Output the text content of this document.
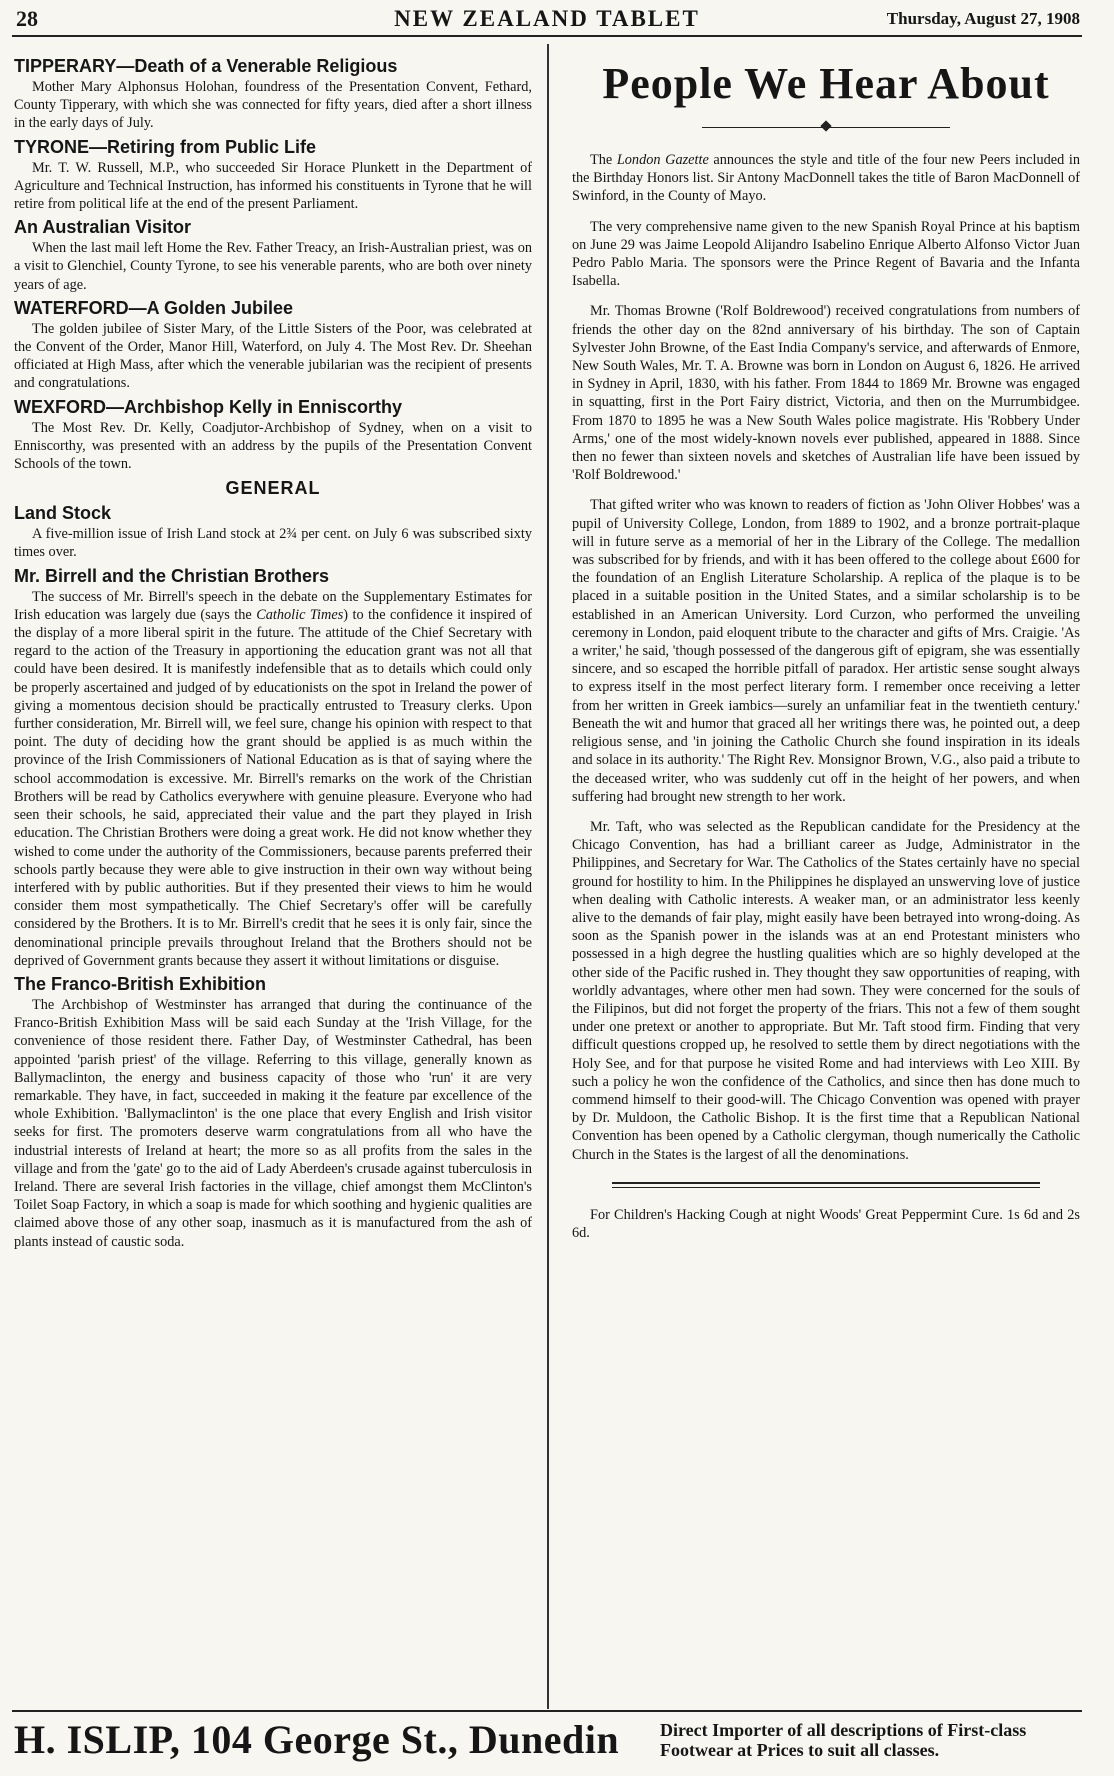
28	NEW ZEALAND TABLET	Thursday, August 27, 1908
TIPPERARY—Death of a Venerable Religious

Mother Mary Alphonsus Holohan, foundress of the Presentation Convent, Fethard, County Tipperary, with which she was connected for fifty years, died after a short illness in the early days of July.

TYRONE—Retiring from Public Life

Mr. T. W. Russell, M.P., who succeeded Sir Horace Plunkett in the Department of Agriculture and Technical Instruction, has informed his constituents in Tyrone that he will retire from political life at the end of the present Parliament.

An Australian Visitor

When the last mail left Home the Rev. Father Treacy, an Irish-Australian priest, was on a visit to Glenchiel, County Tyrone, to see his venerable parents, who are both over ninety years of age.

WATERFORD—A Golden Jubilee

The golden jubilee of Sister Mary, of the Little Sisters of the Poor, was celebrated at the Convent of the Order, Manor Hill, Waterford, on July 4. The Most Rev. Dr. Sheehan officiated at High Mass, after which the venerable jubilarian was the recipient of presents and congratulations.

WEXFORD—Archbishop Kelly in Enniscorthy

The Most Rev. Dr. Kelly, Coadjutor-Archbishop of Sydney, when on a visit to Enniscorthy, was presented with an address by the pupils of the Presentation Convent Schools of the town.

GENERAL
Land Stock

A five-million issue of Irish Land stock at 2¾ per cent. on July 6 was subscribed sixty times over.

Mr. Birrell and the Christian Brothers

The success of Mr. Birrell's speech in the debate on the Supplementary Estimates for Irish education was largely due (says the Catholic Times) to the confidence it inspired of the display of a more liberal spirit in the future. The attitude of the Chief Secretary with regard to the action of the Treasury in apportioning the education grant was not all that could have been desired. It is manifestly indefensible that as to details which could only be properly ascertained and judged of by educationists on the spot in Ireland the power of giving a momentous decision should be practically entrusted to Treasury clerks. Upon further consideration, Mr. Birrell will, we feel sure, change his opinion with respect to that point. The duty of deciding how the grant should be applied is as much within the province of the Irish Commissioners of National Education as is that of saying where the school accommodation is excessive. Mr. Birrell's remarks on the work of the Christian Brothers will be read by Catholics everywhere with genuine pleasure. Everyone who had seen their schools, he said, appreciated their value and the part they played in Irish education. The Christian Brothers were doing a great work. He did not know whether they wished to come under the authority of the Commissioners, because parents preferred their schools partly because they were able to give instruction in their own way without being interfered with by public authorities. But if they presented their views to him he would consider them most sympathetically. The Chief Secretary's offer will be carefully considered by the Brothers. It is to Mr. Birrell's credit that he sees it is only fair, since the denominational principle prevails throughout Ireland that the Brothers should not be deprived of Government grants because they assert it without limitations or disguise.

The Franco-British Exhibition

The Archbishop of Westminster has arranged that during the continuance of the Franco-British Exhibition Mass will be said each Sunday at the 'Irish Village, for the convenience of those resident there. Father Day, of Westminster Cathedral, has been appointed 'parish priest' of the village. Referring to this village, generally known as Ballymaclinton, the energy and business capacity of those who 'run' it are very remarkable. They have, in fact, succeeded in making it the feature par excellence of the whole Exhibition. 'Ballymaclinton' is the one place that every English and Irish visitor seeks for first. The promoters deserve warm congratulations from all who have the industrial interests of Ireland at heart; the more so as all profits from the sales in the village and from the 'gate' go to the aid of Lady Aberdeen's crusade against tuberculosis in Ireland. There are several Irish factories in the village, chief amongst them McClinton's Toilet Soap Factory, in which a soap is made for which soothing and hygienic qualities are claimed above those of any other soap, inasmuch as it is manufactured from the ash of plants instead of caustic soda.

People We Hear About

The London Gazette announces the style and title of the four new Peers included in the Birthday Honors list. Sir Antony MacDonnell takes the title of Baron MacDonnell of Swinford, in the County of Mayo.

The very comprehensive name given to the new Spanish Royal Prince at his baptism on June 29 was Jaime Leopold Alijandro Isabelino Enrique Alberto Alfonso Victor Juan Pedro Pablo Maria. The sponsors were the Prince Regent of Bavaria and the Infanta Isabella.

Mr. Thomas Browne ('Rolf Boldrewood') received congratulations from numbers of friends the other day on the 82nd anniversary of his birthday. The son of Captain Sylvester John Browne, of the East India Company's service, and afterwards of Enmore, New South Wales, Mr. T. A. Browne was born in London on August 6, 1826. He arrived in Sydney in April, 1830, with his father. From 1844 to 1869 Mr. Browne was engaged in squatting, first in the Port Fairy district, Victoria, and then on the Murrumbidgee. From 1870 to 1895 he was a New South Wales police magistrate. His 'Robbery Under Arms,' one of the most widely-known novels ever published, appeared in 1888. Since then no fewer than sixteen novels and sketches of Australian life have been issued by 'Rolf Boldrewood.'

That gifted writer who was known to readers of fiction as 'John Oliver Hobbes' was a pupil of University College, London, from 1889 to 1902, and a bronze portrait-plaque will in future serve as a memorial of her in the Library of the College. The medallion was subscribed for by friends, and with it has been offered to the college about £600 for the foundation of an English Literature Scholarship. A replica of the plaque is to be placed in a suitable position in the United States, and a similar scholarship is to be established in an American University. Lord Curzon, who performed the unveiling ceremony in London, paid eloquent tribute to the character and gifts of Mrs. Craigie. 'As a writer,' he said, 'though possessed of the dangerous gift of epigram, she was essentially sincere, and so escaped the horrible pitfall of paradox. Her artistic sense sought always to express itself in the most perfect literary form. I remember once receiving a letter from her written in Greek iambics—surely an unfamiliar feat in the twentieth century.' Beneath the wit and humor that graced all her writings there was, he pointed out, a deep religious sense, and 'in joining the Catholic Church she found inspiration in its ideals and solace in its authority.' The Right Rev. Monsignor Brown, V.G., also paid a tribute to the deceased writer, who was suddenly cut off in the height of her powers, and when suffering had brought new strength to her work.

Mr. Taft, who was selected as the Republican candidate for the Presidency at the Chicago Convention, has had a brilliant career as Judge, Administrator in the Philippines, and Secretary for War. The Catholics of the States certainly have no special ground for hostility to him. In the Philippines he displayed an unswerving love of justice when dealing with Catholic interests. A weaker man, or an administrator less keenly alive to the demands of fair play, might easily have been betrayed into wrong-doing. As soon as the Spanish power in the islands was at an end Protestant ministers who possessed in a high degree the hustling qualities which are so highly developed at the other side of the Pacific rushed in. They thought they saw opportunities of reaping, with worldly advantages, where other men had sown. They were concerned for the souls of the Filipinos, but did not forget the property of the friars. This not a few of them sought under one pretext or another to appropriate. But Mr. Taft stood firm. Finding that very difficult questions cropped up, he resolved to settle them by direct negotiations with the Holy See, and for that purpose he visited Rome and had interviews with Leo XIII. By such a policy he won the confidence of the Catholics, and since then has done much to commend himself to their good-will. The Chicago Convention was opened with prayer by Dr. Muldoon, the Catholic Bishop. It is the first time that a Republican National Convention has been opened by a Catholic clergyman, though numerically the Catholic Church in the States is the largest of all the denominations.

For Children's Hacking Cough at night Woods' Great Peppermint Cure. 1s 6d and 2s 6d.

H. ISLIP, 104 George St., Dunedin Direct Importer of all descriptions of First-class Footwear at Prices to suit all classes.
